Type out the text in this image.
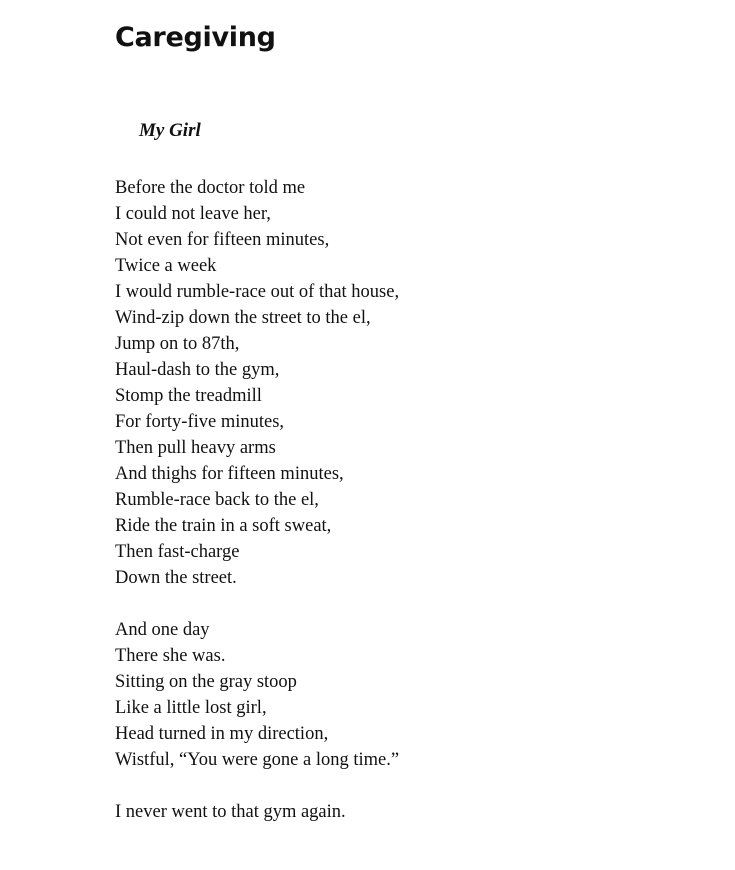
Caregiving
My Girl
Before the doctor told me
I could not leave her,
Not even for fifteen minutes,
Twice a week
I would rumble-race out of that house,
Wind-zip down the street to the el,
Jump on to 87th,
Haul-dash to the gym,
Stomp the treadmill
For forty-five minutes,
Then pull heavy arms
And thighs for fifteen minutes,
Rumble-race back to the el,
Ride the train in a soft sweat,
Then fast-charge
Down the street.
And one day
There she was.
Sitting on the gray stoop
Like a little lost girl,
Head turned in my direction,
Wistful, “You were gone a long time.”
I never went to that gym again.
